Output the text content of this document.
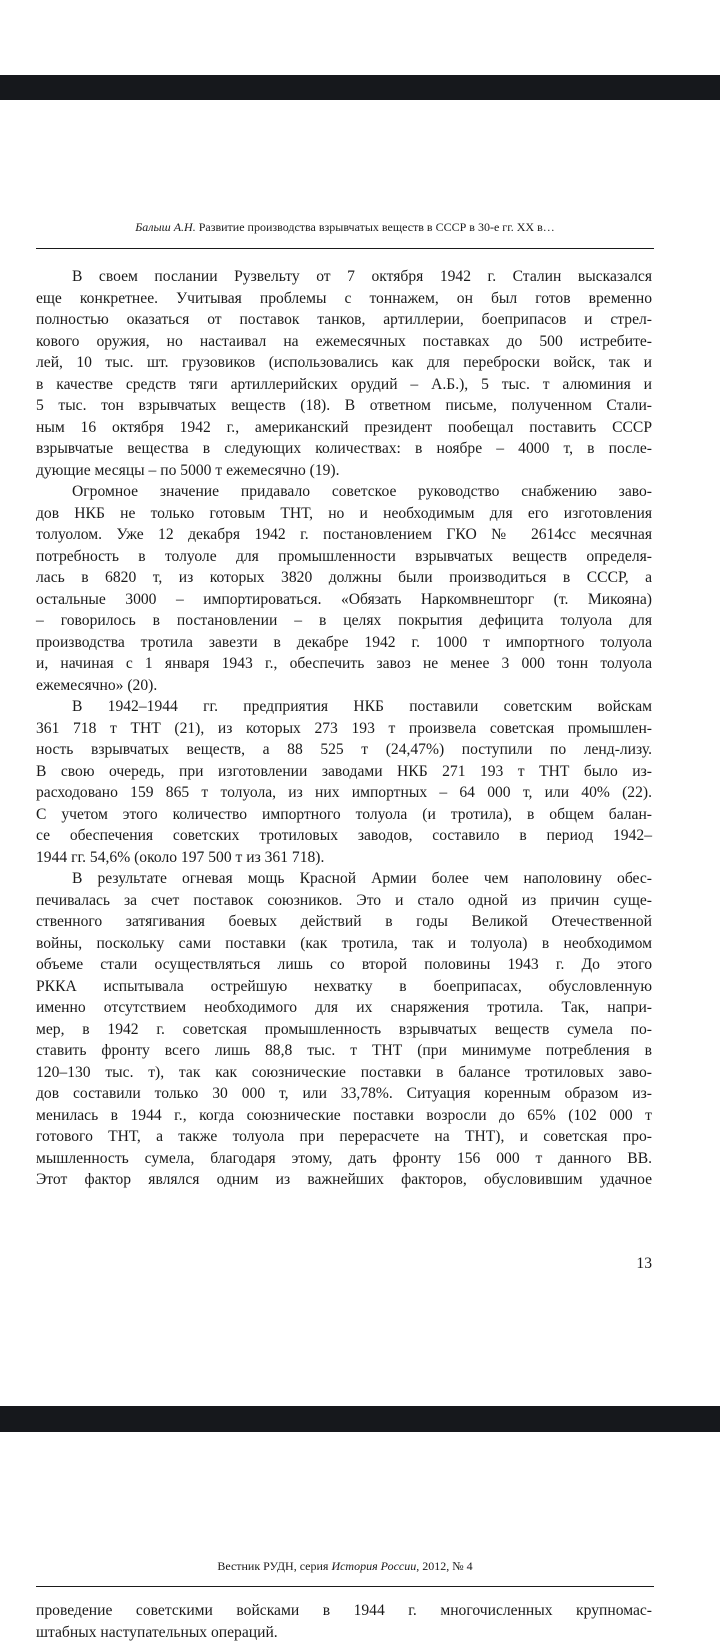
Балыш А.Н. Развитие производства взрывчатых веществ в СССР в 30-е гг. ХХ в…
В своем послании Рузвельту от 7 октября 1942 г. Сталин высказался
еще конкретнее. Учитывая проблемы с тоннажем, он был готов временно
полностью оказаться от поставок танков, артиллерии, боеприпасов и стрел-
кового оружия, но настаивал на ежемесячных поставках до 500 истребите-
лей, 10 тыс. шт. грузовиков (использовались как для переброски войск, так и
в качестве средств тяги артиллерийских орудий – А.Б.), 5 тыс. т алюминия и
5 тыс. тон взрывчатых веществ (18). В ответном письме, полученном Стали-
ным 16 октября 1942 г., американский президент пообещал поставить СССР
взрывчатые вещества в следующих количествах: в ноябре – 4000 т, в после-
дующие месяцы – по 5000 т ежемесячно (19).
Огромное значение придавало советское руководство снабжению заво-
дов НКБ не только готовым ТНТ, но и необходимым для его изготовления
толуолом. Уже 12 декабря 1942 г. постановлением ГКО № 2614сс месячная
потребность в толуоле для промышленности взрывчатых веществ определя-
лась в 6820 т, из которых 3820 должны были производиться в СССР, а
остальные 3000 – импортироваться. «Обязать Наркомвнешторг (т. Микояна)
– говорилось в постановлении – в целях покрытия дефицита толуола для
производства тротила завезти в декабре 1942 г. 1000 т импортного толуола
и, начиная с 1 января 1943 г., обеспечить завоз не менее 3 000 тонн толуола
ежемесячно» (20).
В 1942–1944 гг. предприятия НКБ поставили советским войскам
361 718 т ТНТ (21), из которых 273 193 т произвела советская промышлен-
ность взрывчатых веществ, а 88 525 т (24,47%) поступили по ленд-лизу.
В свою очередь, при изготовлении заводами НКБ 271 193 т ТНТ было из-
расходовано 159 865 т толуола, из них импортных – 64 000 т, или 40% (22).
С учетом этого количество импортного толуола (и тротила), в общем балан-
се обеспечения советских тротиловых заводов, составило в период 1942–
1944 гг. 54,6% (около 197 500 т из 361 718).
В результате огневая мощь Красной Армии более чем наполовину обес-
печивалась за счет поставок союзников. Это и стало одной из причин суще-
ственного затягивания боевых действий в годы Великой Отечественной
войны, поскольку сами поставки (как тротила, так и толуола) в необходимом
объеме стали осуществляться лишь со второй половины 1943 г. До этого
РККА испытывала острейшую нехватку в боеприпасах, обусловленную
именно отсутствием необходимого для их снаряжения тротила. Так, напри-
мер, в 1942 г. советская промышленность взрывчатых веществ сумела по-
ставить фронту всего лишь 88,8 тыс. т ТНТ (при минимуме потребления в
120–130 тыс. т), так как союзнические поставки в балансе тротиловых заво-
дов составили только 30 000 т, или 33,78%. Ситуация коренным образом из-
менилась в 1944 г., когда союзнические поставки возросли до 65% (102 000 т
готового ТНТ, а также толуола при перерасчете на ТНТ), и советская про-
мышленность сумела, благодаря этому, дать фронту 156 000 т данного ВВ.
Этот фактор являлся одним из важнейших факторов, обусловившим удачное
13
Вестник РУДН, серия История России, 2012, № 4
проведение советскими войсками в 1944 г. многочисленных крупномас-
штабных наступательных операций.
